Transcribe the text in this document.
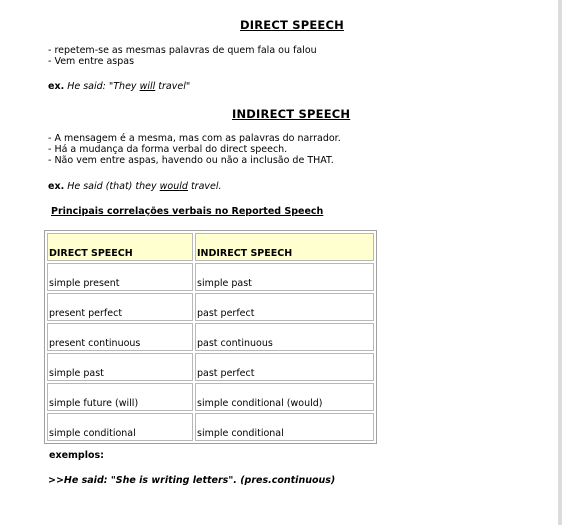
DIRECT SPEECH
- repetem-se as mesmas palavras de quem fala ou falou
- Vem entre aspas
ex. He said: "They will travel"
INDIRECT SPEECH
- A mensagem é a mesma, mas com as palavras do narrador.
- Há a mudança da forma verbal do direct speech.
- Não vem entre aspas, havendo ou não a inclusão de THAT.
ex. He said (that) they would travel.
Principais correlações verbais no Reported Speech
DIRECT SPEECH	INDIRECT SPEECH
simple present	simple past
present perfect	past perfect
present continuous	past continuous
simple past	past perfect
simple future (will)	simple conditional (would)
simple conditional	simple conditional
exemplos:
>>He said: "She is writing letters". (pres.continuous)
